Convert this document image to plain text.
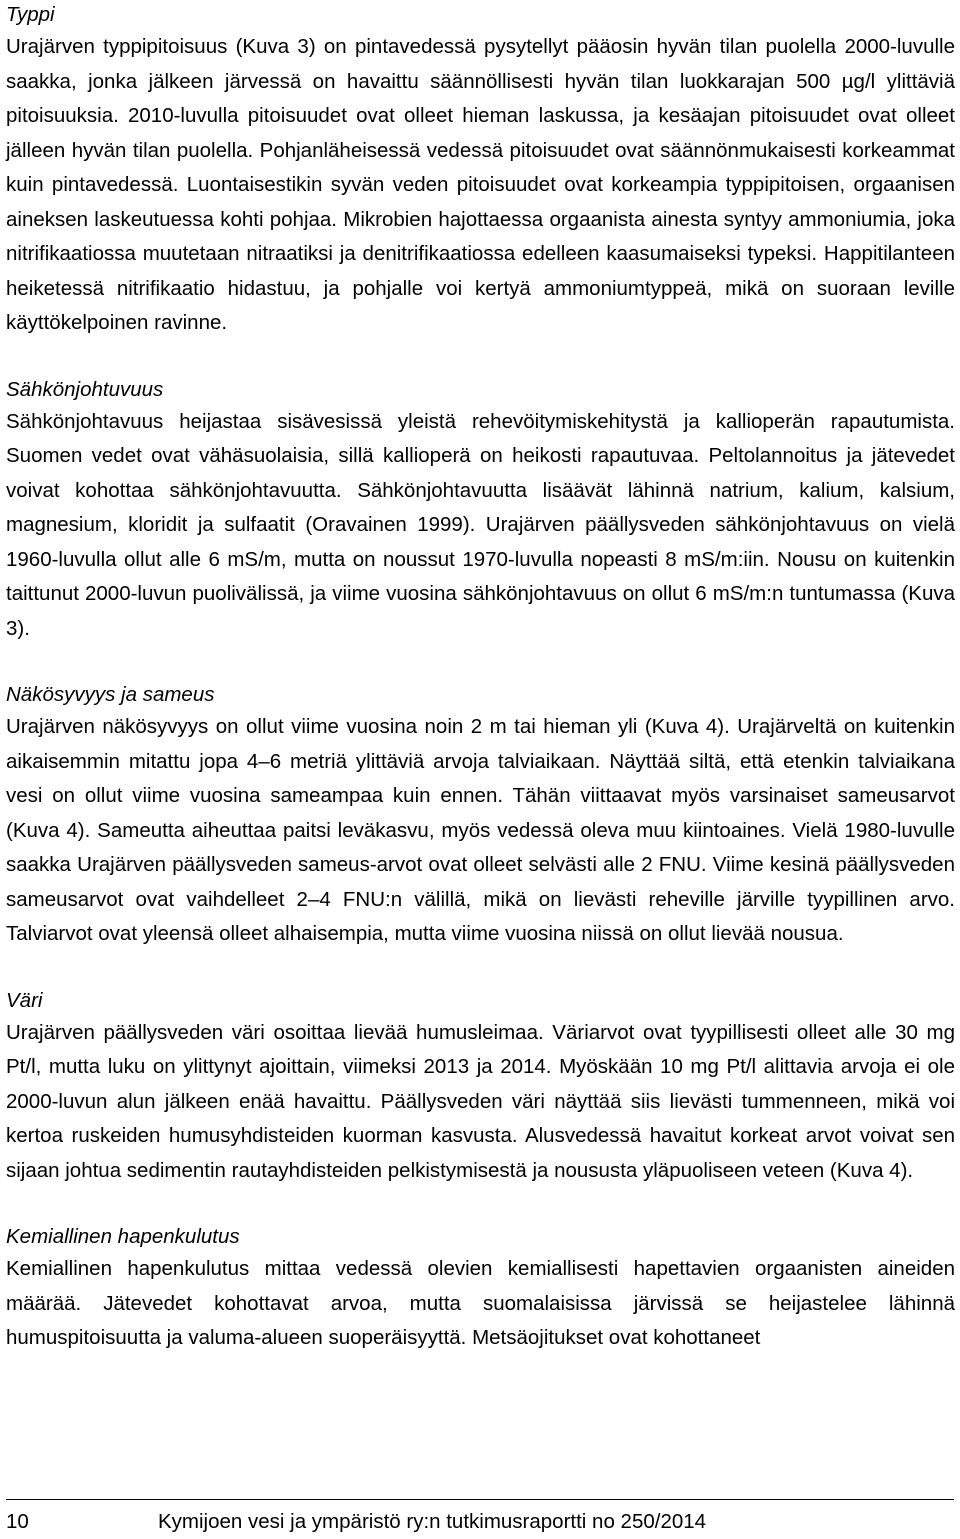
Typpi

Urajärven typpipitoisuus (Kuva 3) on pintavedessä pysytellyt pääosin hyvän tilan puolella 2000-luvulle saakka, jonka jälkeen järvessä on havaittu säännöllisesti hyvän tilan luokkarajan 500 µg/l ylittäviä pitoisuuksia. 2010-luvulla pitoisuudet ovat olleet hieman laskussa, ja kesäajan pitoisuudet ovat olleet jälleen hyvän tilan puolella. Pohjanläheisessä vedessä pitoisuudet ovat säännönmukaisesti korkeammat kuin pintavedessä. Luontaisestikin syvän veden pitoisuudet ovat korkeampia typpipitoisen, orgaanisen aineksen laskeutuessa kohti pohjaa. Mikrobien hajottaessa orgaanista ainesta syntyy ammoniumia, joka nitrifikaatiossa muutetaan nitraatiksi ja denitrifikaatiossa edelleen kaasumaiseksi typeksi. Happitilanteen heiketessä nitrifikaatio hidastuu, ja pohjalle voi kertyä ammoniumtyppeä, mikä on suoraan leville käyttökelpoinen ravinne.

Sähkönjohtuvuus

Sähkönjohtavuus heijastaa sisävesissä yleistä rehevöitymiskehitystä ja kallioperän rapautumista. Suomen vedet ovat vähäsuolaisia, sillä kallioperä on heikosti rapautuvaa. Peltolannoitus ja jätevedet voivat kohottaa sähkönjohtavuutta. Sähkönjohtavuutta lisäävät lähinnä natrium, kalium, kalsium, magnesium, kloridit ja sulfaatit (Oravainen 1999). Urajärven päällysveden sähkönjohtavuus on vielä 1960-luvulla ollut alle 6 mS/m, mutta on noussut 1970-luvulla nopeasti 8 mS/m:iin. Nousu on kuitenkin taittunut 2000-luvun puolivälissä, ja viime vuosina sähkönjohtavuus on ollut 6 mS/m:n tuntumassa (Kuva 3).

Näkösyvyys ja sameus

Urajärven näkösyvyys on ollut viime vuosina noin 2 m tai hieman yli (Kuva 4). Urajärveltä on kuitenkin aikaisemmin mitattu jopa 4–6 metriä ylittäviä arvoja talviaikaan. Näyttää siltä, että etenkin talviaikana vesi on ollut viime vuosina sameampaa kuin ennen. Tähän viittaavat myös varsinaiset sameusarvot (Kuva 4). Sameutta aiheuttaa paitsi leväkasvu, myös vedessä oleva muu kiintoaines. Vielä 1980-luvulle saakka Urajärven päällysveden sameus-arvot ovat olleet selvästi alle 2 FNU. Viime kesinä päällysveden sameusarvot ovat vaihdelleet 2–4 FNU:n välillä, mikä on lievästi reheville järville tyypillinen arvo. Talviarvot ovat yleensä olleet alhaisempia, mutta viime vuosina niissä on ollut lievää nousua.

Väri

Urajärven päällysveden väri osoittaa lievää humusleimaa. Väriarvot ovat tyypillisesti olleet alle 30 mg Pt/l, mutta luku on ylittynyt ajoittain, viimeksi 2013 ja 2014. Myöskään 10 mg Pt/l alittavia arvoja ei ole 2000-luvun alun jälkeen enää havaittu. Päällysveden väri näyttää siis lievästi tummenneen, mikä voi kertoa ruskeiden humusyhdisteiden kuorman kasvusta. Alusvedessä havaitut korkeat arvot voivat sen sijaan johtua sedimentin rautayhdisteiden pelkistymisestä ja noususta yläpuoliseen veteen (Kuva 4).

Kemiallinen hapenkulutus

Kemiallinen hapenkulutus mittaa vedessä olevien kemiallisesti hapettavien orgaanisten aineiden määrää. Jätevedet kohottavat arvoa, mutta suomalaisissa järvissä se heijastelee lähinnä humuspitoisuutta ja valuma-alueen suoperäisyyttä. Metsäojitukset ovat kohottaneet

10	Kymijoen vesi ja ympäristö ry:n tutkimusraportti no 250/2014
